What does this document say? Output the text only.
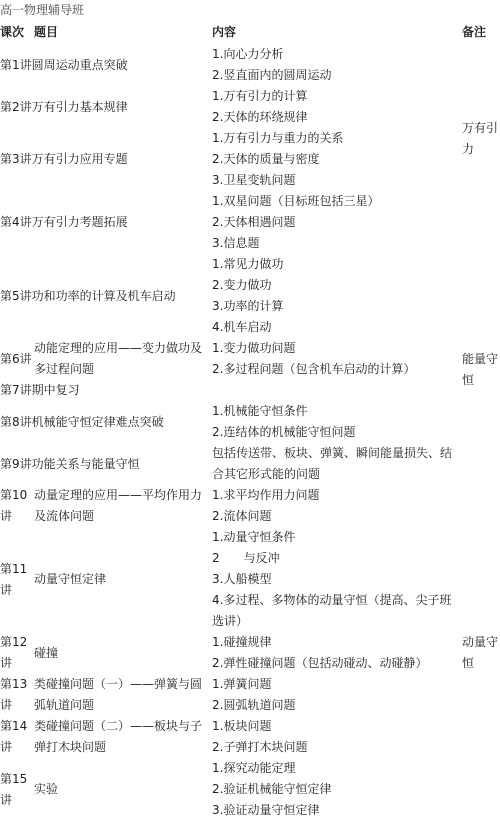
高一物理辅导班
课次	题目	内容	备注
第1讲圆周运动重点突破		1.向心力分析
2.竖直面内的圆周运动	

第2讲万有引力基本规律		1.万有引力的计算
2.天体的环绕规律	万有引力
第3讲万有引力应用专题		1.万有引力与重力的关系
2.天体的质量与密度
3.卫星变轨问题	

第4讲万有引力考题拓展		1.双星问题（目标班包括三星）
2.天体相遇问题
3.信息题	

第5讲功和功率的计算及机车启动		1.常见力做功
2.变力做功
3.功率的计算
4.机车启动	

第6讲	动能定理的应用——变力做功及多过程问题	1.变力做功问题
2.多过程问题（包含机车启动的计算）	能量守恒
第7讲期中复习			
第8讲机械能守恒定律难点突破		1.机械能守恒条件
2.连结体的机械能守恒问题	

第9讲功能关系与能量守恒		包括传送带、板块、弹簧、瞬间能量损失、结合其它形式能的问题	

第10讲	动量定理的应用——平均作用力及流体问题	1.求平均作用力问题
2.流体问题	

第11讲	动量守恒定律	1.动量守恒条件
2　　与反冲
3.人船模型
4.多过程、多物体的动量守恒（提高、尖子班选讲）	

第12讲	碰撞	1.碰撞规律
2.弹性碰撞问题（包括动碰动、动碰静）	动量守恒
第13讲	类碰撞问题（一）——弹簧与圆弧轨道问题	1.弹簧问题
2.圆弧轨道问题	

第14讲	类碰撞问题（二）——板块与子弹打木块问题	1.板块问题
2.子弹打木块问题	

第15讲	实验	1.探究动能定理
2.验证机械能守恒定律
3.验证动量守恒定律	
